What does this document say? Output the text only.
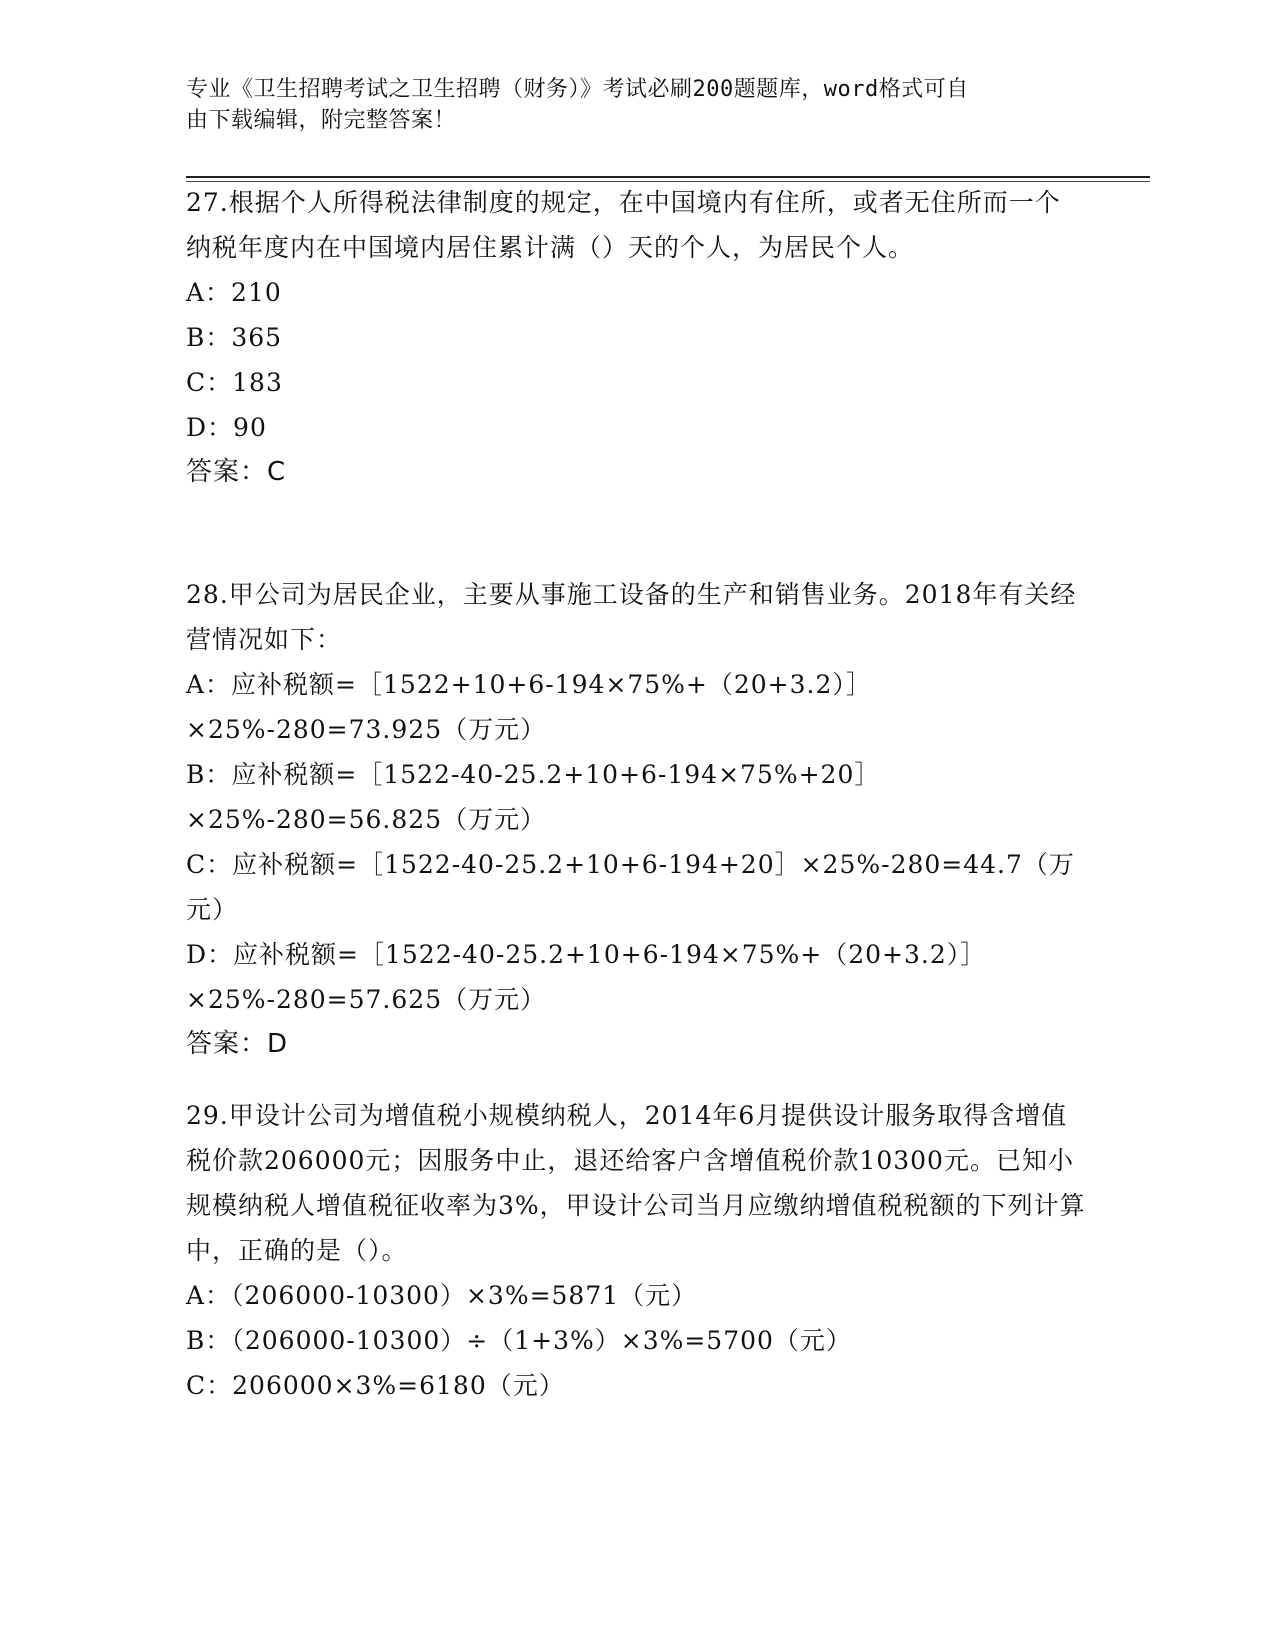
专业《卫生招聘考试之卫生招聘（财务）》考试必刷200题题库，word格式可自
由下载编辑，附完整答案！

27.根据个人所得税法律制度的规定，在中国境内有住所，或者无住所而一个纳税年度内在中国境内居住累计满（）天的个人，为居民个人。

A：210

B：365

C：183

D：90

答案：C

28.甲公司为居民企业，主要从事施工设备的生产和销售业务。2018年有关经营情况如下：

A：应补税额=［1522+10+6-194×75%+（20+3.2）］×25%-280=73.925（万元）

B：应补税额=［1522-40-25.2+10+6-194×75%+20］×25%-280=56.825（万元）

C：应补税额=［1522-40-25.2+10+6-194+20］×25%-280=44.7（万元）

D：应补税额=［1522-40-25.2+10+6-194×75%+（20+3.2）］×25%-280=57.625（万元）

答案：D

29.甲设计公司为增值税小规模纳税人，2014年6月提供设计服务取得含增值税价款206000元；因服务中止，退还给客户含增值税价款10300元。已知小规模纳税人增值税征收率为3%，甲设计公司当月应缴纳增值税税额的下列计算中，正确的是（）。

A：（206000-10300）×3%=5871（元）

B：（206000-10300）÷（1+3%）×3%=5700（元）

C：206000×3%=6180（元）
